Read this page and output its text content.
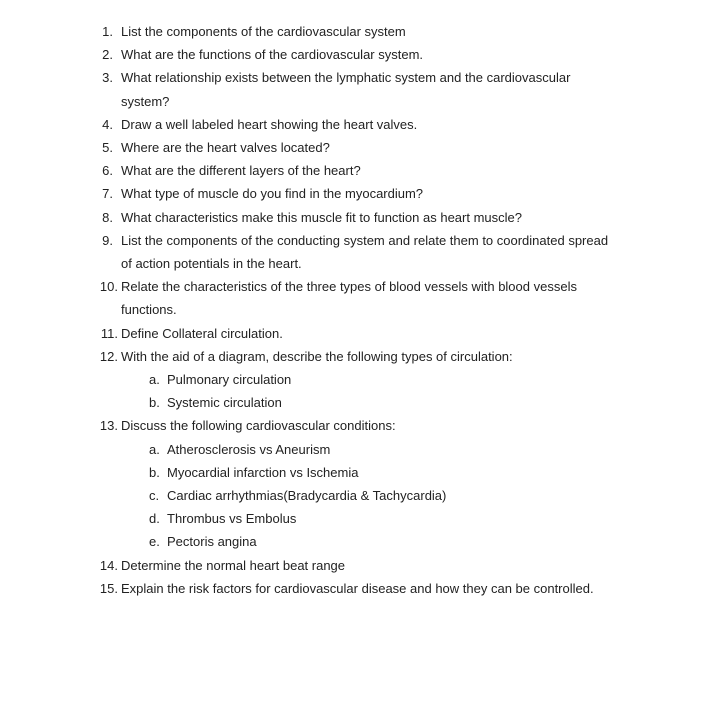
1. List the components of the cardiovascular system
2. What are the functions of the cardiovascular system.
3. What relationship exists between the lymphatic system and the cardiovascular system?
4. Draw a well labeled heart showing the heart valves.
5. Where are the heart valves located?
6. What are the different layers of the heart?
7. What type of muscle do you find in the myocardium?
8. What characteristics make this muscle fit to function as heart muscle?
9. List the components of the conducting system and relate them to coordinated spread of action potentials in the heart.
10. Relate the characteristics of the three types of blood vessels with blood vessels functions.
11. Define Collateral circulation.
12. With the aid of a diagram, describe the following types of circulation:
a. Pulmonary circulation
b. Systemic circulation
13. Discuss the following cardiovascular conditions:
a. Atherosclerosis vs Aneurism
b. Myocardial infarction vs Ischemia
c. Cardiac arrhythmias(Bradycardia & Tachycardia)
d. Thrombus vs Embolus
e. Pectoris angina
14. Determine the normal heart beat range
15. Explain the risk factors for cardiovascular disease and how they can be controlled.
